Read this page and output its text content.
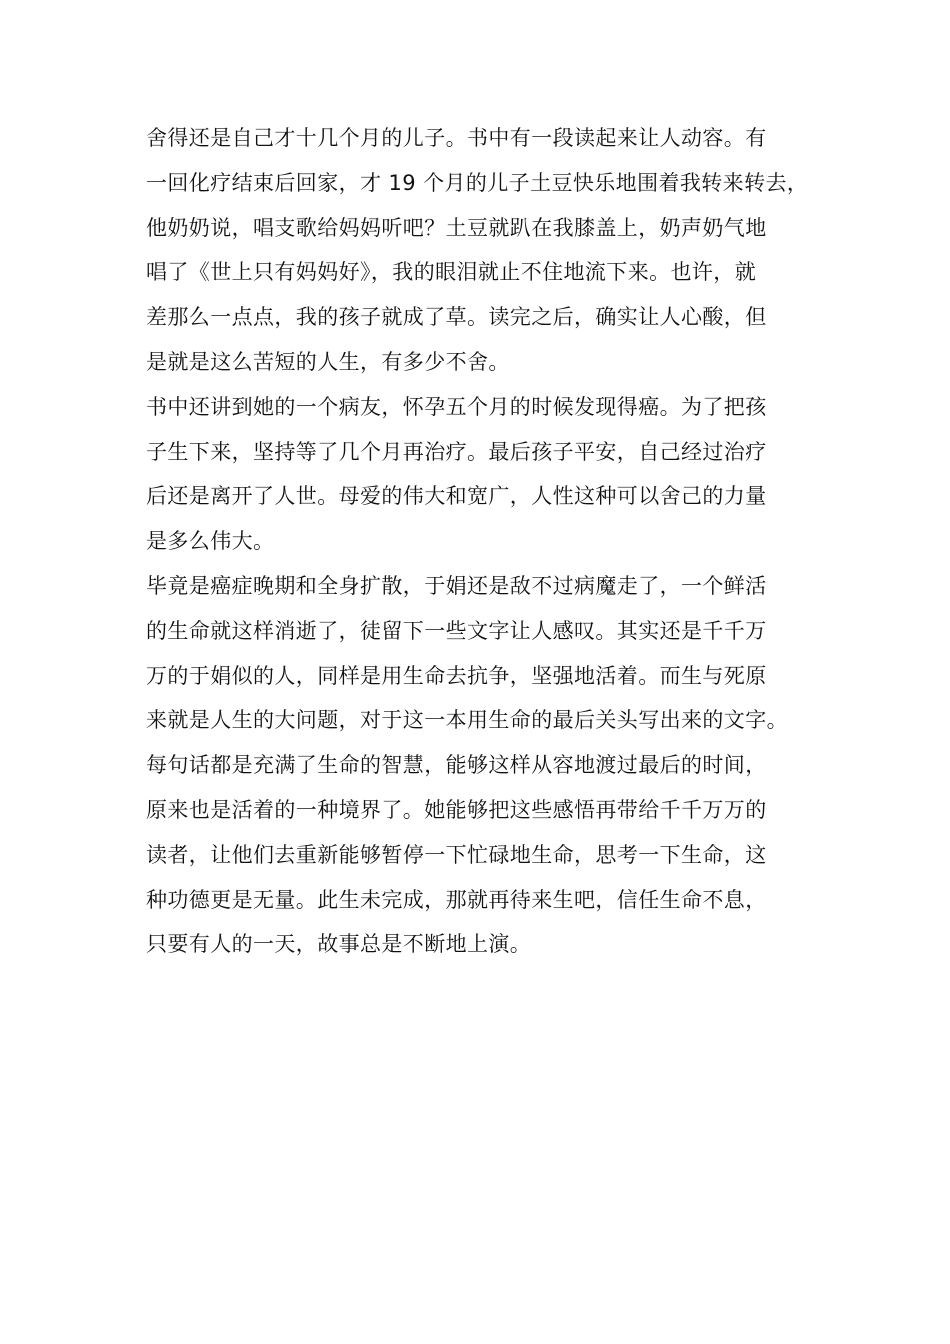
舍得还是自己才十几个月的儿子。书中有一段读起来让人动容。有
一回化疗结束后回家，才 19 个月的儿子土豆快乐地围着我转来转去，
他奶奶说，唱支歌给妈妈听吧？土豆就趴在我膝盖上，奶声奶气地
唱了《世上只有妈妈好》，我的眼泪就止不住地流下来。也许，就
差那么一点点，我的孩子就成了草。读完之后，确实让人心酸，但
是就是这么苦短的人生，有多少不舍。
书中还讲到她的一个病友，怀孕五个月的时候发现得癌。为了把孩
子生下来，坚持等了几个月再治疗。最后孩子平安，自己经过治疗
后还是离开了人世。母爱的伟大和宽广，人性这种可以舍己的力量
是多么伟大。
毕竟是癌症晚期和全身扩散，于娟还是敌不过病魔走了，一个鲜活
的生命就这样消逝了，徒留下一些文字让人感叹。其实还是千千万
万的于娟似的人，同样是用生命去抗争，坚强地活着。而生与死原
来就是人生的大问题，对于这一本用生命的最后关头写出来的文字。
每句话都是充满了生命的智慧，能够这样从容地渡过最后的时间，
原来也是活着的一种境界了。她能够把这些感悟再带给千千万万的
读者，让他们去重新能够暂停一下忙碌地生命，思考一下生命，这
种功德更是无量。此生未完成，那就再待来生吧，信任生命不息，
只要有人的一天，故事总是不断地上演。
